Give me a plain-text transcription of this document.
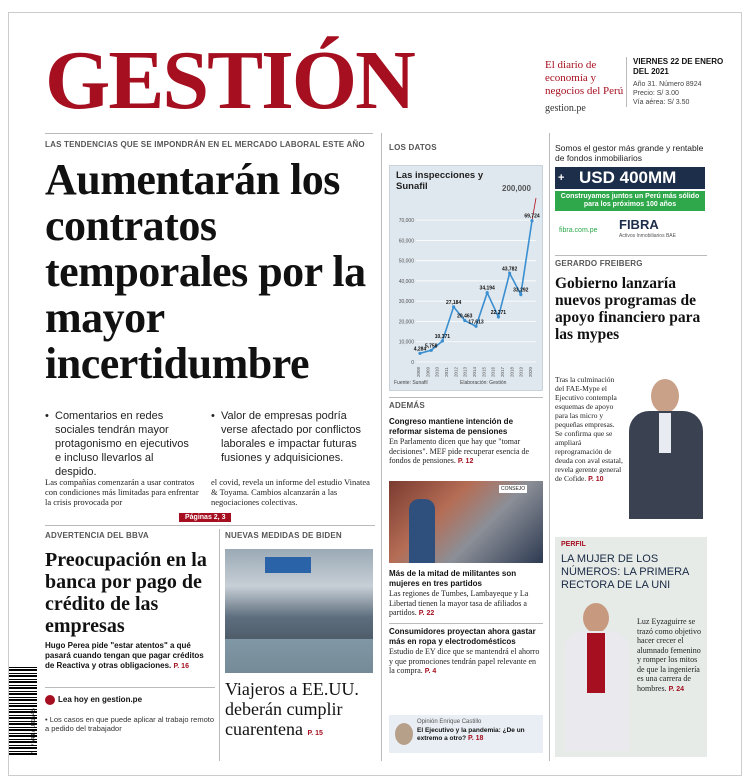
GESTIÓN	El diario de economía y negocios del Perú
gestion.pe
VIERNES 22 DE ENERO DEL 2021
Año 31. Número 8924
Precio: S/ 3.00
Vía aérea: S/ 3.50
LAS TENDENCIAS QUE SE IMPONDRÁN EN EL MERCADO LABORAL ESTE AÑO
Aumentarán los contratos temporales por la mayor incertidumbre
• Comentarios en redes sociales tendrán mayor protagonismo en ejecutivos e incluso llevarlos al despido.
• Valor de empresas podría verse afectado por conflictos laborales e impactar futuras fusiones y adquisiciones.
Las compañías comenzarán a usar contratos con condiciones más limitadas para enfrentar la crisis provocada por
el covid, revela un informe del estudio Vinatea & Toyama. Cambios alcanzarán a las negociaciones colectivas.
Páginas 2, 3
ADVERTENCIA DEL BBVA
Preocupación en la banca por pago de crédito de las empresas
Hugo Perea pide "estar atentos" a qué pasará cuando tengan que pagar créditos de Reactiva y otras obligaciones. P. 16
Lea hoy en gestion.pe
• Los casos en que puede aplicar al trabajo remoto a pedido del trabajador
7 775447 001245
NUEVAS MEDIDAS DE BIDEN
Viajeros a EE.UU. deberán cumplir cuarentena P. 15
LOS DATOS
Las inspecciones y Sunafil	200,000
70,000
60,000
50,000
40,000
30,000
20,000
10,000
0
2008 2009 2010 2011 2012 2013 2014 2015 2016 2017 2018 2019 2020
4,284
5,758
10,371
27,184
20,463
17,613
34,194
22,271
43,782
33,292
69,724
Fuente: Sunafil	Elaboración: Gestión
ADEMÁS
Congreso mantiene intención de reformar sistema de pensiones
En Parlamento dicen que hay que "tomar decisiones". MEF pide recuperar esencia de fondos de pensiones. P. 12
CONSEJO
Más de la mitad de militantes son mujeres en tres partidos
Las regiones de Tumbes, Lambayeque y La Libertad tienen la mayor tasa de afiliados a partidos. P. 22
Consumidores proyectan ahora gastar más en ropa y electrodomésticos
Estudio de EY dice que se mantendrá el ahorro y que promociones tendrán papel relevante en la compra. P. 4
Opinión Enrique Castillo
El Ejecutivo y la pandemia: ¿De un extremo a otro? P. 18
Somos el gestor más grande y rentable de fondos inmobiliarios
+ USD 400MM
Construyamos juntos un Perú más sólido para los próximos 100 años
fibra.com.pe FIBRA
Activos Inmobiliarios BAE
GERARDO FREIBERG
Gobierno lanzaría nuevos programas de apoyo financiero para las mypes
Tras la culminación del FAE-Mype el Ejecutivo contempla esquemas de apoyo para las micro y pequeñas empresas. Se confirma que se ampliará reprogramación de deuda con aval estatal, revela gerente general de Cofide. P. 10
PERFIL
LA MUJER DE LOS NÚMEROS: LA PRIMERA RECTORA DE LA UNI
Luz Eyzaguirre se trazó como objetivo hacer crecer el alumnado femenino y romper los mitos de que la ingeniería es una carrera de hombres. P. 24
